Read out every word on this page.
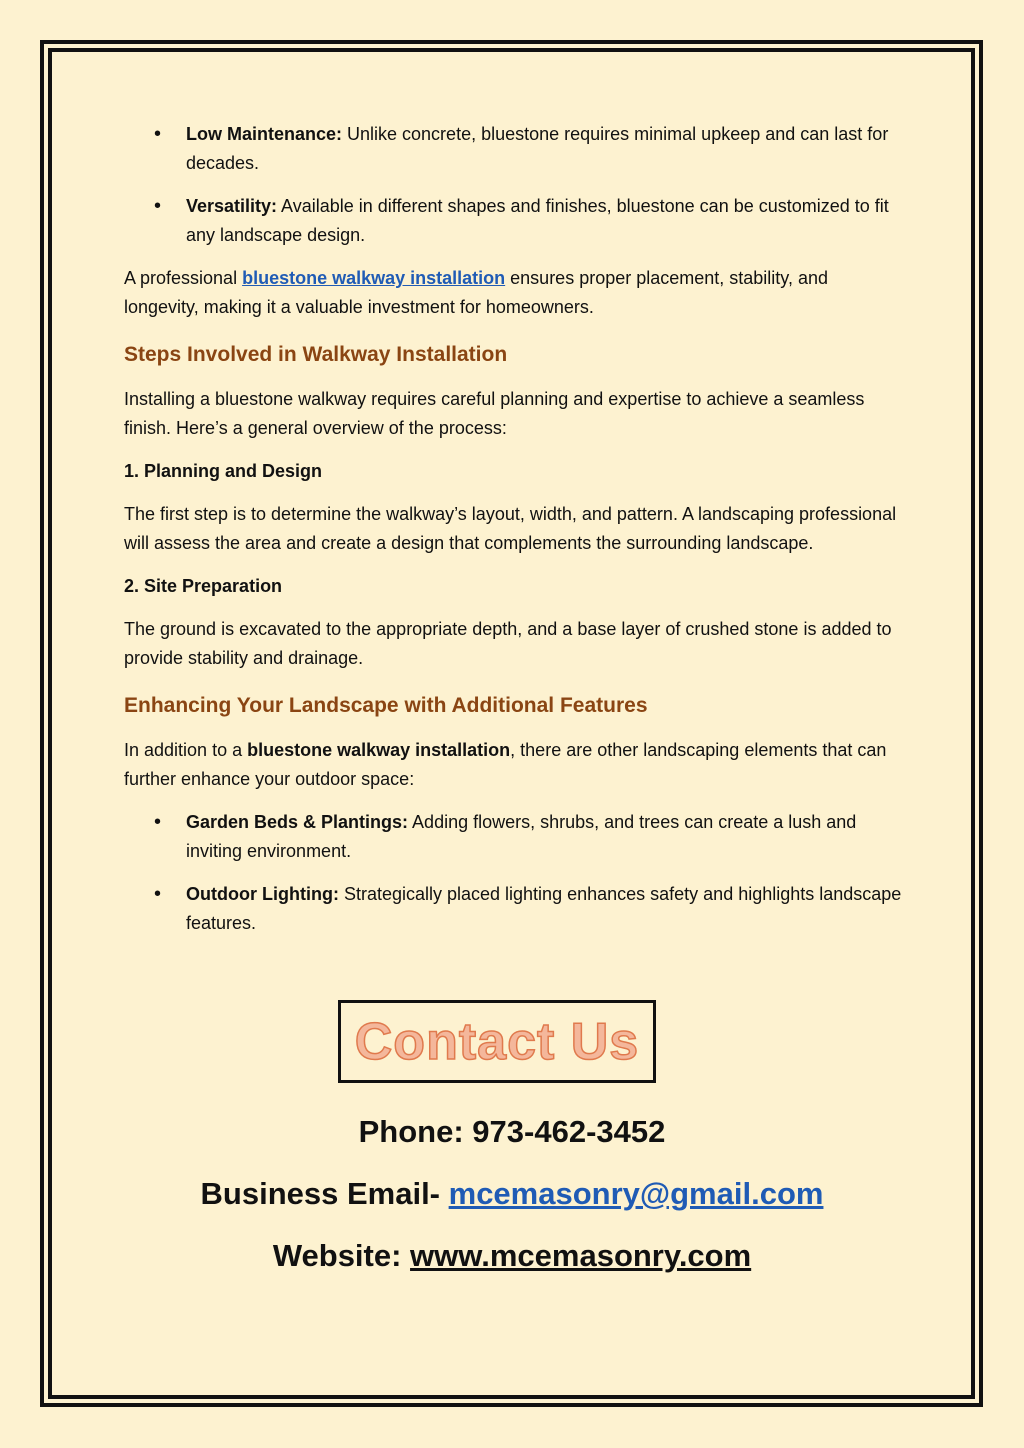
• Low Maintenance: Unlike concrete, bluestone requires minimal upkeep and can last for decades.
• Versatility: Available in different shapes and finishes, bluestone can be customized to fit any landscape design.

A professional bluestone walkway installation ensures proper placement, stability, and longevity, making it a valuable investment for homeowners.

Steps Involved in Walkway Installation

Installing a bluestone walkway requires careful planning and expertise to achieve a seamless finish. Here’s a general overview of the process:

1. Planning and Design

The first step is to determine the walkway’s layout, width, and pattern. A landscaping professional will assess the area and create a design that complements the surrounding landscape.

2. Site Preparation

The ground is excavated to the appropriate depth, and a base layer of crushed stone is added to provide stability and drainage.

Enhancing Your Landscape with Additional Features

In addition to a bluestone walkway installation, there are other landscaping elements that can further enhance your outdoor space:

• Garden Beds & Plantings: Adding flowers, shrubs, and trees can create a lush and inviting environment.
• Outdoor Lighting: Strategically placed lighting enhances safety and highlights landscape features.
Contact Us
Phone: 973-462-3452
Business Email- mcemasonry@gmail.com
Website: www.mcemasonry.com
